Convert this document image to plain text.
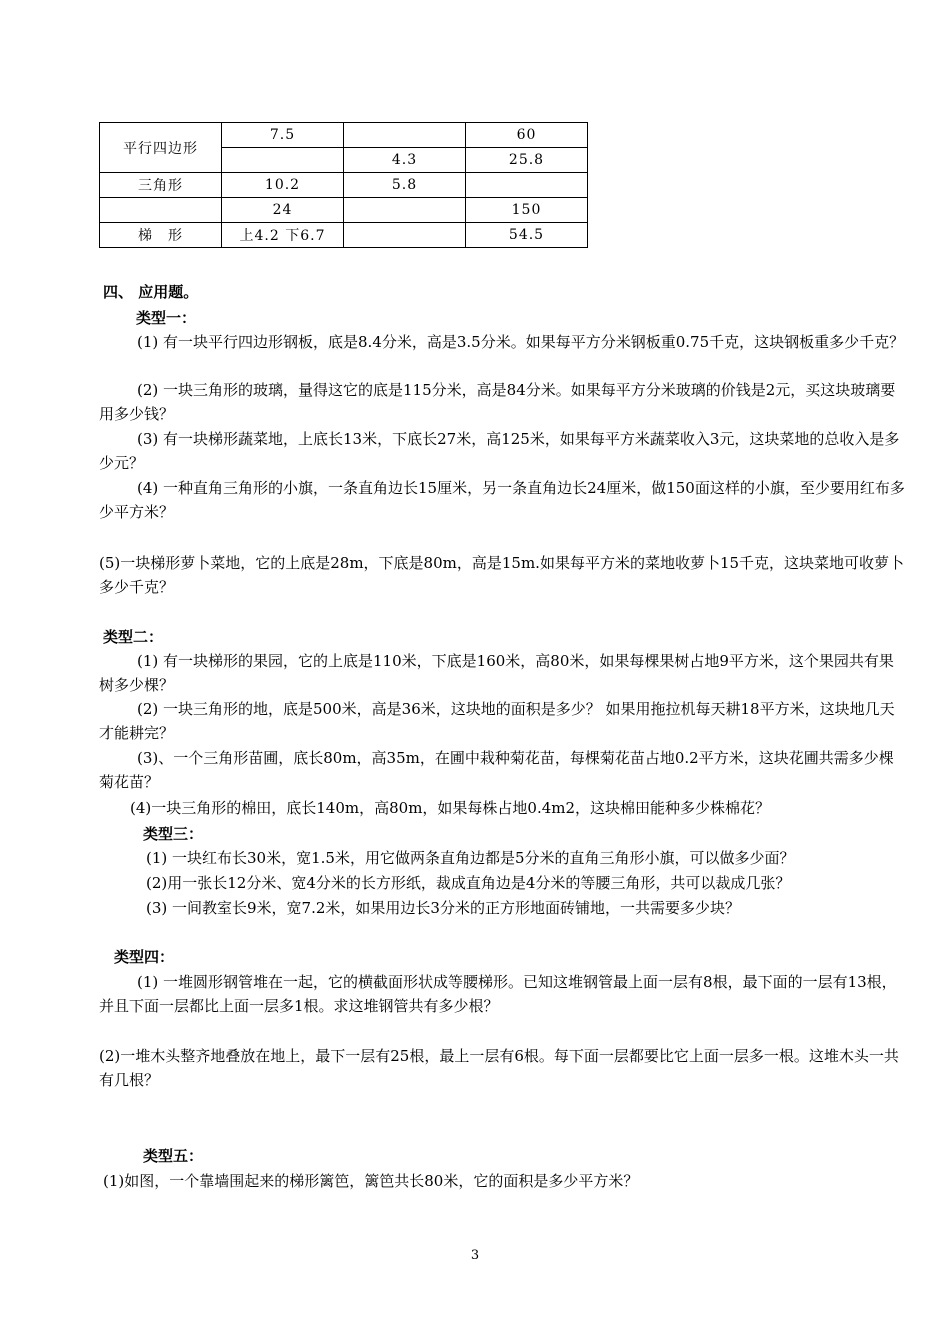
平行四边形	7.5		60
		4.3	25.8
三角形	10.2	5.8	
	24		150
梯　形	上4.2 下6.7		54.5
四、 应用题。
类型一：
(1) 有一块平行四边形钢板，底是8.4分米，高是3.5分米。如果每平方分米钢板重0.75千克，这块钢板重多少千克？
(2) 一块三角形的玻璃，量得这它的底是115分米，高是84分米。如果每平方分米玻璃的价钱是2元，买这块玻璃要用多少钱？
(3) 有一块梯形蔬菜地，上底长13米，下底长27米，高125米，如果每平方米蔬菜收入3元，这块菜地的总收入是多少元？
(4) 一种直角三角形的小旗，一条直角边长15厘米，另一条直角边长24厘米，做150面这样的小旗，至少要用红布多少平方米？
(5)一块梯形萝卜菜地，它的上底是28m，下底是80m，高是15m.如果每平方米的菜地收萝卜15千克，这块菜地可收萝卜多少千克？
类型二：
(1) 有一块梯形的果园，它的上底是110米，下底是160米，高80米，如果每棵果树占地9平方米，这个果园共有果树多少棵？
(2) 一块三角形的地，底是500米，高是36米，这块地的面积是多少？ 如果用拖拉机每天耕18平方米，这块地几天才能耕完？
(3)、一个三角形苗圃，底长80m，高35m，在圃中栽种菊花苗，每棵菊花苗占地0.2平方米，这块花圃共需多少棵菊花苗？
(4)一块三角形的棉田，底长140m，高80m，如果每株占地0.4m2，这块棉田能种多少株棉花？
类型三：
(1) 一块红布长30米，宽1.5米，用它做两条直角边都是5分米的直角三角形小旗，可以做多少面？
(2)用一张长12分米、宽4分米的长方形纸，裁成直角边是4分米的等腰三角形，共可以裁成几张？
(3) 一间教室长9米，宽7.2米，如果用边长3分米的正方形地面砖铺地，一共需要多少块？
类型四：
(1) 一堆圆形钢管堆在一起，它的横截面形状成等腰梯形。已知这堆钢管最上面一层有8根，最下面的一层有13根，并且下面一层都比上面一层多1根。求这堆钢管共有多少根？
(2)一堆木头整齐地叠放在地上，最下一层有25根，最上一层有6根。每下面一层都要比它上面一层多一根。这堆木头一共有几根？
类型五：
(1)如图，一个靠墙围起来的梯形篱笆，篱笆共长80米，它的面积是多少平方米？
3
